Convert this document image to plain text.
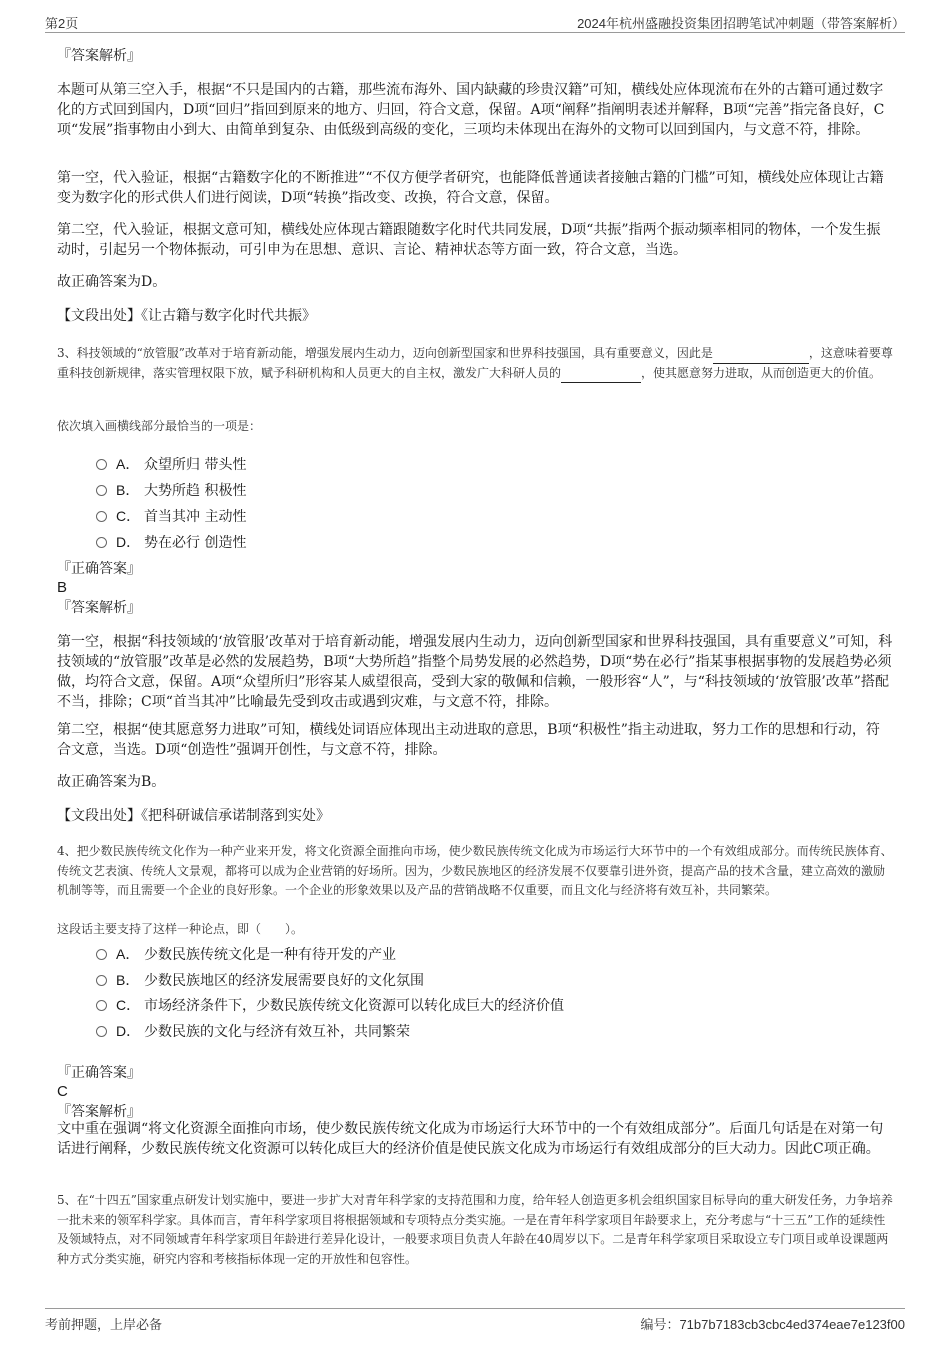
第2页	2024年杭州盛融投资集团招聘笔试冲刺题（带答案解析）
『答案解析』
本题可从第三空入手，根据“不只是国内的古籍，那些流布海外、国内缺藏的珍贵汉籍”可知，横线处应体现流布在外的古籍可通过数字化的方式回到国内，D项“回归”指回到原来的地方、归回，符合文意，保留。A项“阐释”指阐明表述并解释，B项“完善”指完备良好，C项“发展”指事物由小到大、由简单到复杂、由低级到高级的变化，三项均未体现出在海外的文物可以回到国内，与文意不符，排除。
第一空，代入验证，根据“古籍数字化的不断推进”“不仅方便学者研究，也能降低普通读者接触古籍的门槛”可知，横线处应体现让古籍变为数字化的形式供人们进行阅读，D项“转换”指改变、改换，符合文意，保留。
第二空，代入验证，根据文意可知，横线处应体现古籍跟随数字化时代共同发展，D项“共振”指两个振动频率相同的物体，一个发生振动时，引起另一个物体振动，可引申为在思想、意识、言论、精神状态等方面一致，符合文意，当选。
故正确答案为D。
【文段出处】《让古籍与数字化时代共振》
3、科技领域的“放管服”改革对于培育新动能，增强发展内生动力，迈向创新型国家和世界科技强国，具有重要意义，因此是	，这意味着要尊重科技创新规律，落实管理权限下放，赋予科研机构和人员更大的自主权，激发广大科研人员的	，使其愿意努力进取，从而创造更大的价值。
依次填入画横线部分最恰当的一项是：
A． 众望所归 带头性
B． 大势所趋 积极性
C． 首当其冲 主动性
D． 势在必行 创造性
『正确答案』
B
『答案解析』
第一空，根据“科技领域的‘放管服’改革对于培育新动能，增强发展内生动力，迈向创新型国家和世界科技强国，具有重要意义”可知，科技领域的“放管服”改革是必然的发展趋势，B项“大势所趋”指整个局势发展的必然趋势，D项“势在必行”指某事根据事物的发展趋势必须做，均符合文意，保留。A项“众望所归”形容某人威望很高，受到大家的敬佩和信赖，一般形容“人”，与“科技领域的‘放管服’改革”搭配不当，排除；C项“首当其冲”比喻最先受到攻击或遇到灾难，与文意不符，排除。
第二空，根据“使其愿意努力进取”可知，横线处词语应体现出主动进取的意思，B项“积极性”指主动进取，努力工作的思想和行动，符合文意，当选。D项“创造性”强调开创性，与文意不符，排除。
故正确答案为B。
【文段出处】《把科研诚信承诺制落到实处》
4、把少数民族传统文化作为一种产业来开发，将文化资源全面推向市场，使少数民族传统文化成为市场运行大环节中的一个有效组成部分。而传统民族体育、传统文艺表演、传统人文景观，都将可以成为企业营销的好场所。因为，少数民族地区的经济发展不仅要靠引进外资，提高产品的技术含量，建立高效的激励机制等等，而且需要一个企业的良好形象。一个企业的形象效果以及产品的营销战略不仅重要，而且文化与经济将有效互补，共同繁荣。
这段话主要支持了这样一种论点，即（　　）。
A． 少数民族传统文化是一种有待开发的产业
B． 少数民族地区的经济发展需要良好的文化氛围
C． 市场经济条件下，少数民族传统文化资源可以转化成巨大的经济价值
D． 少数民族的文化与经济有效互补，共同繁荣
『正确答案』
C
『答案解析』
文中重在强调“将文化资源全面推向市场，使少数民族传统文化成为市场运行大环节中的一个有效组成部分”。后面几句话是在对第一句话进行阐释，少数民族传统文化资源可以转化成巨大的经济价值是使民族文化成为市场运行有效组成部分的巨大动力。因此C项正确。
5、在“十四五”国家重点研发计划实施中，要进一步扩大对青年科学家的支持范围和力度，给年轻人创造更多机会组织国家目标导向的重大研发任务，力争培养一批未来的领军科学家。具体而言，青年科学家项目将根据领域和专项特点分类实施。一是在青年科学家项目年龄要求上，充分考虑与“十三五”工作的延续性及领域特点，对不同领域青年科学家项目年龄进行差异化设计，一般要求项目负责人年龄在40周岁以下。二是青年科学家项目采取设立专门项目或单设课题两种方式分类实施，研究内容和考核指标体现一定的开放性和包容性。
考前押题，上岸必备	编号：71b7b7183cb3cbc4ed374eae7e123f00
